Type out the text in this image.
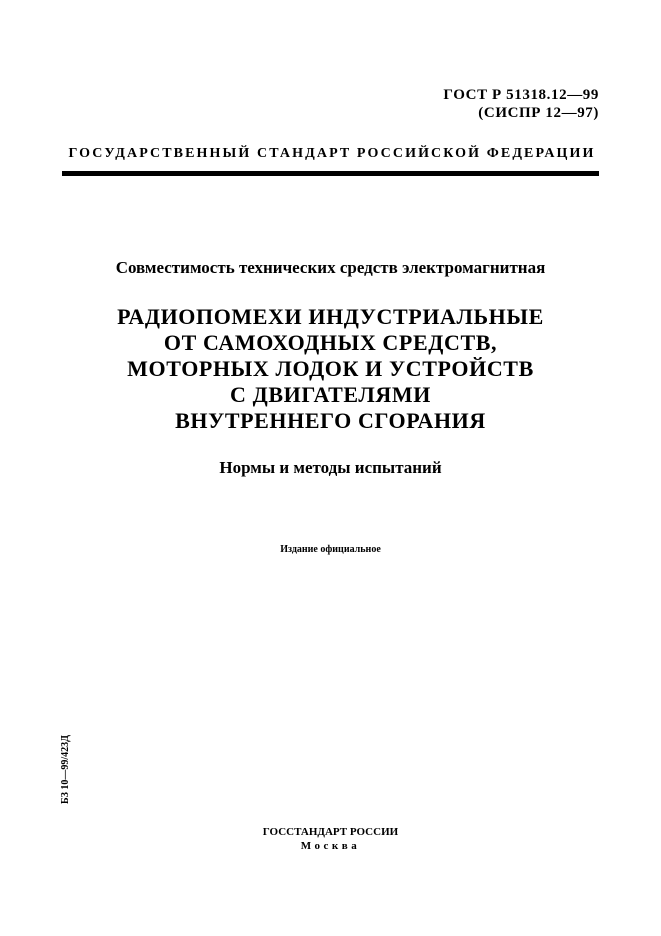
ГОСТ Р 51318.12—99
(СИСПР 12—97)
ГОСУДАРСТВЕННЫЙ СТАНДАРТ РОССИЙСКОЙ ФЕДЕРАЦИИ
Совместимость технических средств электромагнитная
РАДИОПОМЕХИ ИНДУСТРИАЛЬНЫЕ
ОТ САМОХОДНЫХ СРЕДСТВ,
МОТОРНЫХ ЛОДОК И УСТРОЙСТВ
С ДВИГАТЕЛЯМИ
ВНУТРЕННЕГО СГОРАНИЯ
Нормы и методы испытаний
Издание официальное
БЗ 10—99/423Д
ГОССТАНДАРТ РОССИИ
Москва
